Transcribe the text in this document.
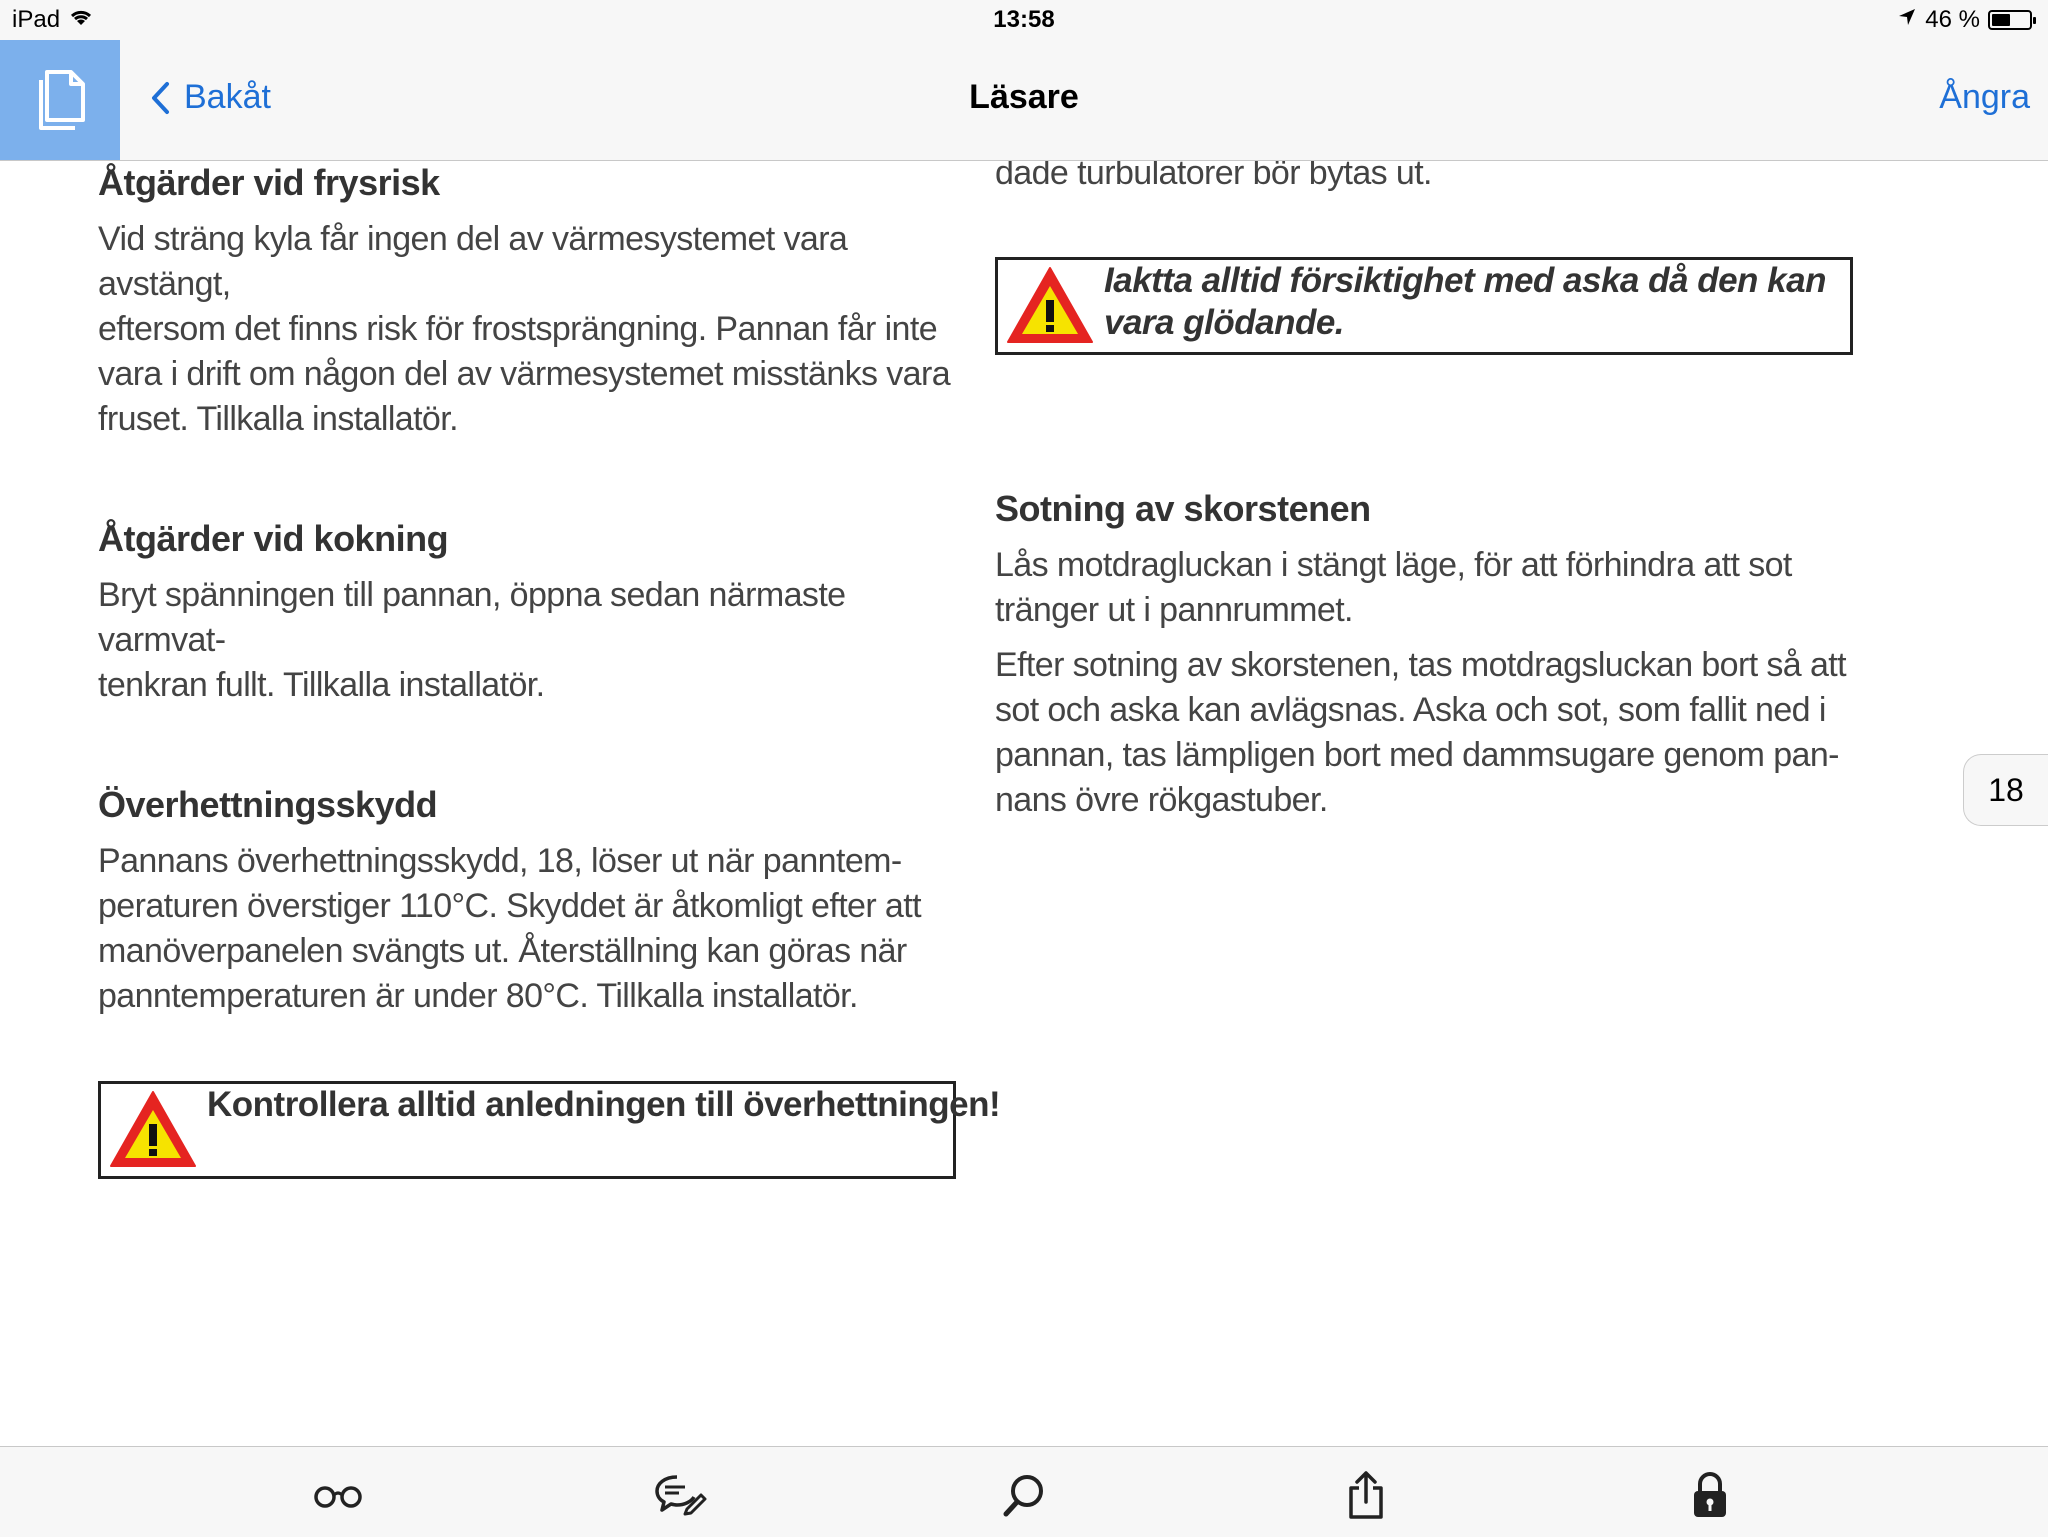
iPad	13:58	46 %
Bakåt	Läsare	Ångra
Åtgärder vid frysrisk

Vid sträng kyla får ingen del av värmesystemet vara avstängt,

eftersom det finns risk för frostsprängning. Pannan får inte

vara i drift om någon del av värmesystemet misstänks vara

fruset. Tillkalla installatör.

Åtgärder vid kokning

Bryt spänningen till pannan, öppna sedan närmaste varmvat-

tenkran fullt. Tillkalla installatör.

Överhettningsskydd

Pannans överhettningsskydd, 18, löser ut när panntem-

peraturen överstiger 110°C. Skyddet är åtkomligt efter att

manöverpanelen svängts ut. Återställning kan göras när

panntemperaturen är under 80°C. Tillkalla installatör.

Kontrollera alltid anledningen till överhettningen!

dade turbulatorer bör bytas ut.

Iaktta alltid försiktighet med aska då den kan
vara glödande.
Sotning av skorstenen

Lås motdragluckan i stängt läge, för att förhindra att sot

tränger ut i pannrummet.

Efter sotning av skorstenen, tas motdragsluckan bort så att

sot och aska kan avlägsnas. Aska och sot, som fallit ned i

pannan, tas lämpligen bort med dammsugare genom pan-

nans övre rökgastuber.	18
